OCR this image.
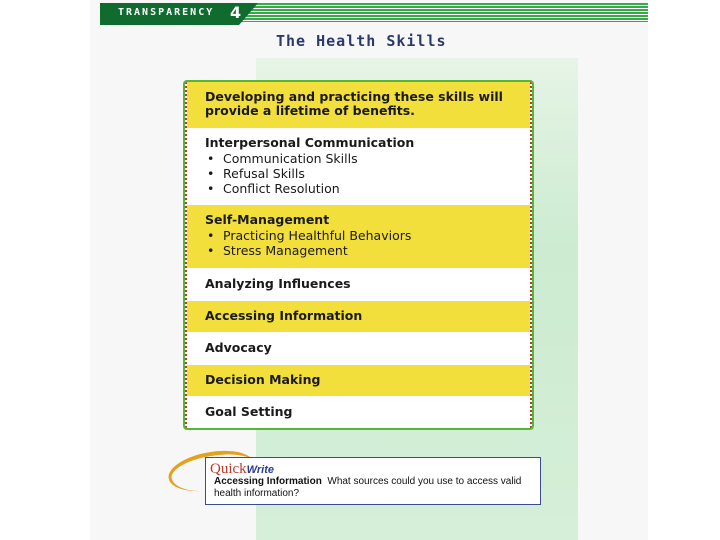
TRANSPARENCY 4
The Health Skills
Developing and practicing these skills will provide a lifetime of benefits.
Interpersonal Communication
• Communication Skills
• Refusal Skills
• Conflict Resolution
Self-Management
• Practicing Healthful Behaviors
• Stress Management
Analyzing Influences
Accessing Information
Advocacy
Decision Making
Goal Setting
QuickWrite
Accessing Information What sources could you use to access valid health information?
